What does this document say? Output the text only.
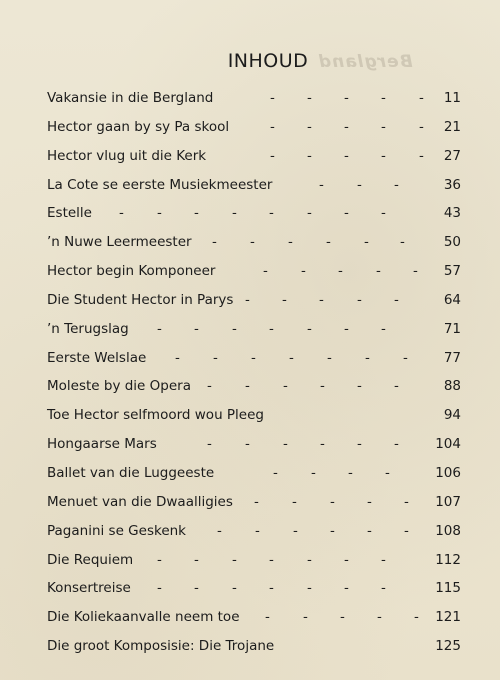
Bergland
INHOUD
Vakansie in die Bergland	- - - - - 11
Hector gaan by sy Pa skool	- - - - - 21
Hector vlug uit die Kerk	- - - - - 27
La Cote se eerste Musiekmeester	- - -	36
Estelle - - - - - - - -	43
’n Nuwe Leermeester - - - - - -	50
Hector begin Komponeer	- - - - - 57
Die Student Hector in Parys - - - - -	64
’n Terugslag - - - - - - -	71
Eerste Welslae - - - - - - -	77
Moleste by die Opera - - - - - -	88
Toe Hector selfmoord wou Pleeg	94
Hongaarse Mars	- - - - - -	104
Ballet van die Luggeeste	- - - -	106
Menuet van die Dwaalligies - - - - - 107
Paganini se Geskenk - - - - - - 108
Die Requiem - - - - - - -	112
Konsertreise - - - - - - -	115
Die Koliekaanvalle neem toe - - - - - 121
Die groot Komposisie: Die Trojane	125
